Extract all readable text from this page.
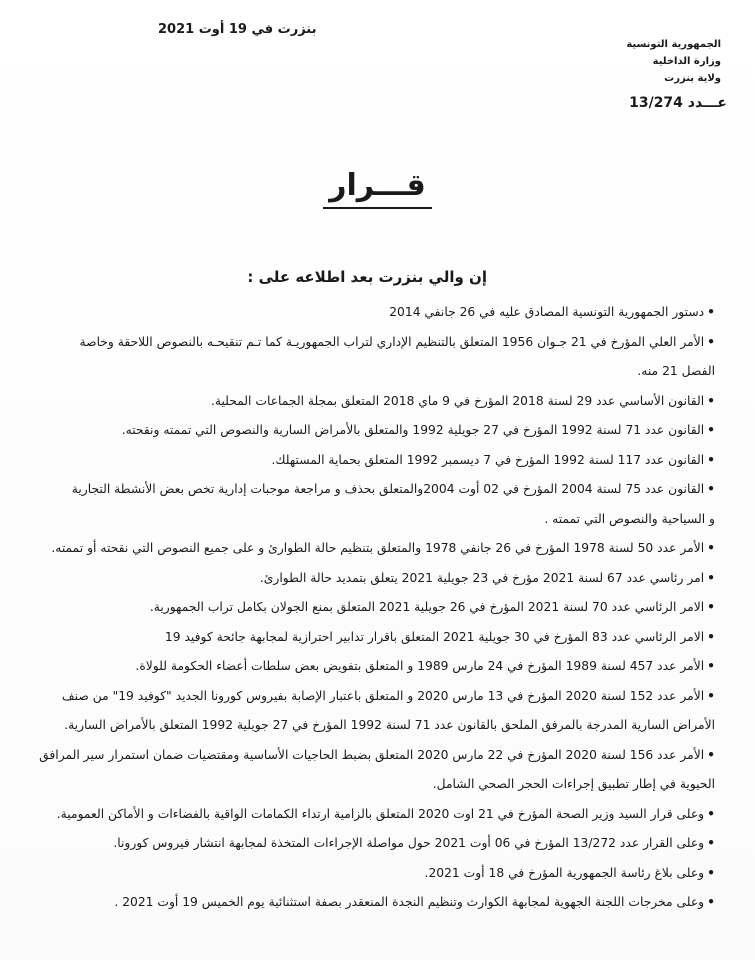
الجمهورية التونسية
وزارة الداخلية
ولاية بنزرت
عـــدد 13/274
بنزرت في 19 أوت 2021
قـــرار
إن والي بنزرت بعد اطلاعه على :

• دستور الجمهورية التونسية المصادق عليه في 26 جانفي 2014

• الأمر العلي المؤرخ في 21 جـوان 1956 المتعلق بالتنظيم الإداري لتراب الجمهوريـة كما تـم تنقيحـه بالنصوص اللاحقة وخاصة

الفصل 21 منه.

• القانون الأساسي عدد 29 لسنة 2018 المؤرخ في 9 ماي 2018 المتعلق بمجلة الجماعات المحلية.

• القانون عدد 71 لسنة 1992 المؤرخ في 27 جويلية 1992 والمتعلق بالأمراض السارية والنصوص التي تممته ونقحته.

• القانون عدد 117 لسنة 1992 المؤرخ في 7 ديسمبر 1992 المتعلق بحماية المستهلك.

• القانون عدد 75 لسنة 2004 المؤرخ في 02 أوت 2004والمتعلق بحذف و مراجعة موجبات إدارية تخص بعض الأنشطة التجارية

و السياحية والنصوص التي تممته .

• الأمر عدد 50 لسنة 1978 المؤرخ في 26 جانفي 1978 والمتعلق بتنظيم حالة الطوارئ و على جميع النصوص التي نقحته أو تممته.

• امر رئاسي عدد 67 لسنة 2021 مؤرخ في 23 جويلية 2021 يتعلق بتمديد حالة الطوارئ.

• الامر الرئاسي عدد 70 لسنة 2021 المؤرخ في 26 جويلية 2021 المتعلق بمنع الجولان بكامل تراب الجمهورية.

• الامر الرئاسي عدد 83 المؤرخ في 30 جويلية 2021 المتعلق باقرار تدابير احترازية لمجابهة جائحة كوفيد 19

• الأمر عدد 457 لسنة 1989 المؤرخ في 24 مارس 1989 و المتعلق بتفويض بعض سلطات أعضاء الحكومة للولاة.

• الأمر عدد 152 لسنة 2020 المؤرخ في 13 مارس 2020 و المتعلق باعتبار الإصابة بفيروس كورونا الجديد "كوفيد 19" من صنف

الأمراض السارية المدرجة بالمرفق الملحق بالقانون عدد 71 لسنة 1992 المؤرخ في 27 جويلية 1992 المتعلق بالأمراض السارية.

• الأمر عدد 156 لسنة 2020 المؤرخ في 22 مارس 2020 المتعلق بضبط الحاجيات الأساسية ومقتضيات ضمان استمرار سير المرافق

الحيوية في إطار تطبيق إجراءات الحجر الصحي الشامل.

• وعلى قرار السيد وزير الصحة المؤرخ في 21 اوت 2020 المتعلق بالزامية ارتداء الكمامات الواقية بالفضاءات و الأماكن العمومية.

• وعلى القرار عدد 13/272 المؤرخ في 06 أوت 2021 حول مواصلة الإجراءات المتخذة لمجابهة انتشار فيروس كورونا.

• وعلى بلاغ رئاسة الجمهورية المؤرخ في 18 أوت 2021.

• وعلى مخرجات اللجنة الجهوية لمجابهة الكوارث وتنظيم النجدة المنعقدر بصفة استثنائية يوم الخميس 19 أوت 2021 .
